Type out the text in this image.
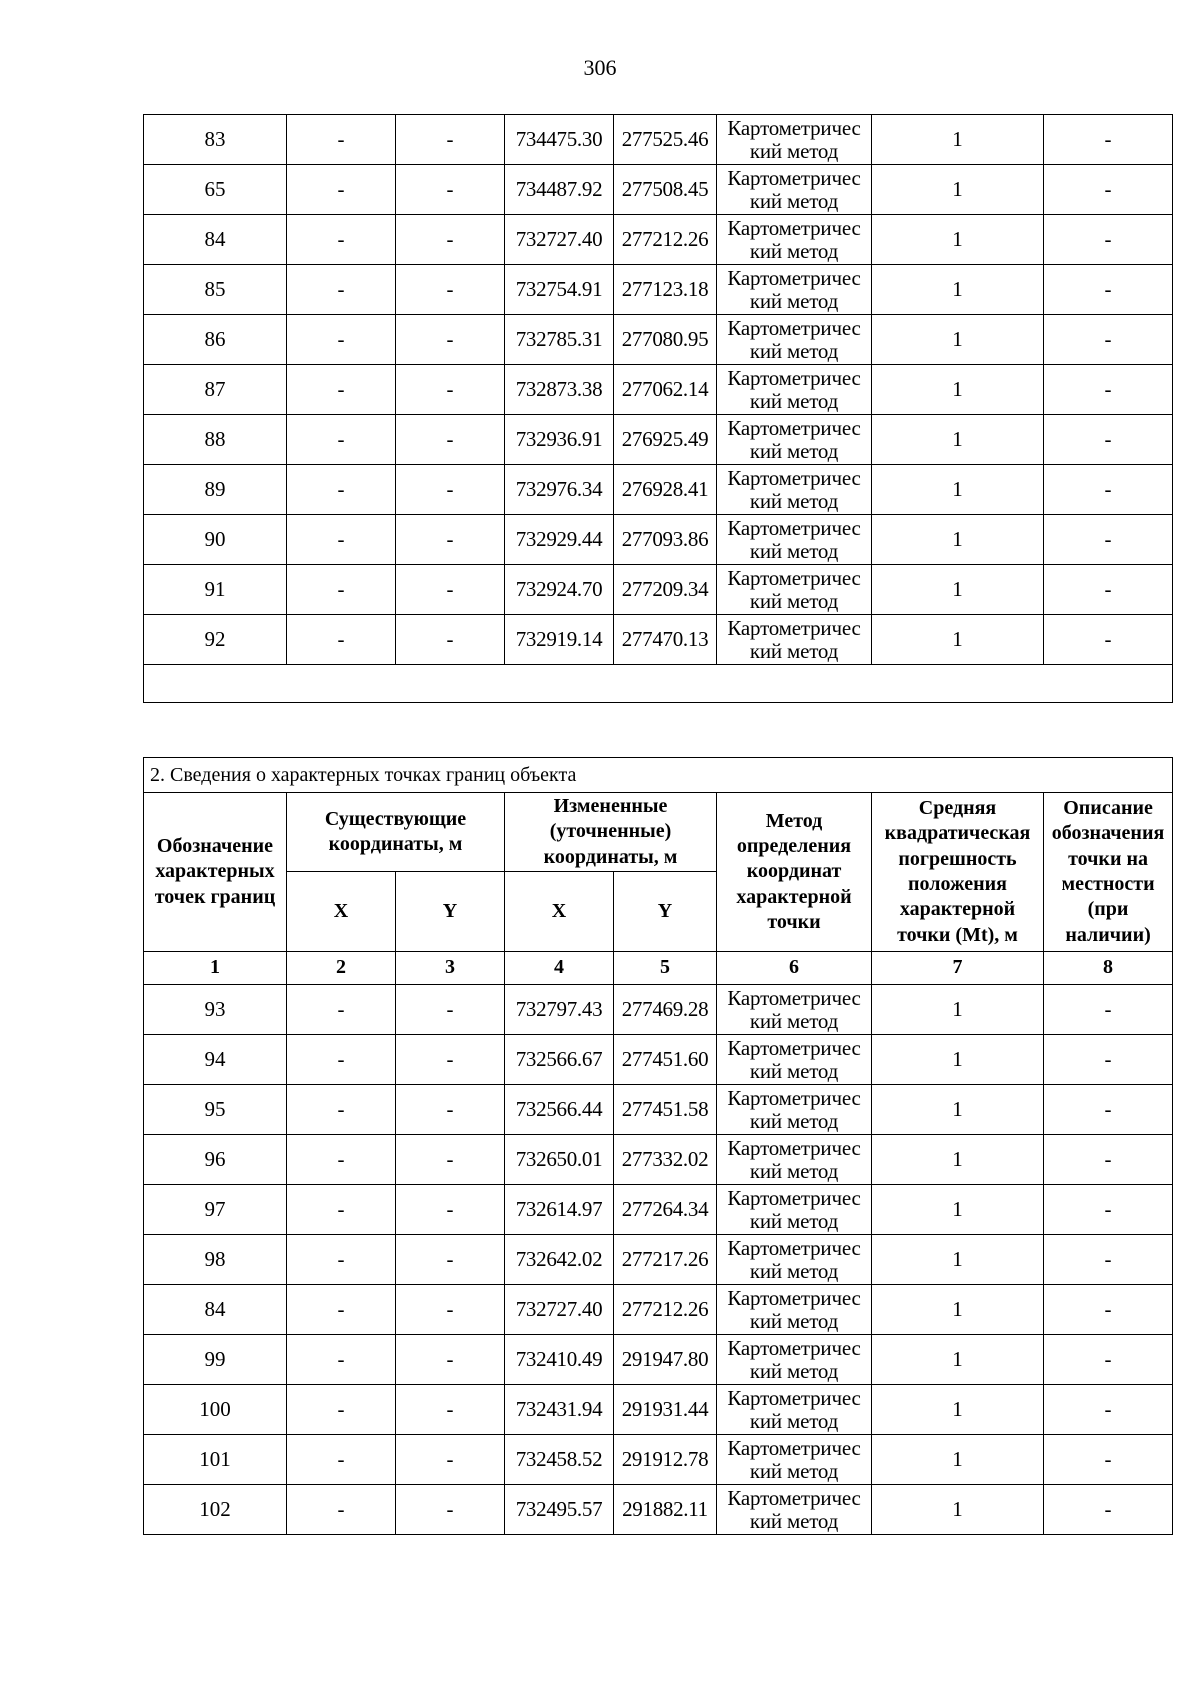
306
83	-	-	734475.30	277525.46	Картометричес кий метод	1	-
65	-	-	734487.92	277508.45	Картометричес кий метод	1	-
84	-	-	732727.40	277212.26	Картометричес кий метод	1	-
85	-	-	732754.91	277123.18	Картометричес кий метод	1	-
86	-	-	732785.31	277080.95	Картометричес кий метод	1	-
87	-	-	732873.38	277062.14	Картометричес кий метод	1	-
88	-	-	732936.91	276925.49	Картометричес кий метод	1	-
89	-	-	732976.34	276928.41	Картометричес кий метод	1	-
90	-	-	732929.44	277093.86	Картометричес кий метод	1	-
91	-	-	732924.70	277209.34	Картометричес кий метод	1	-
92	-	-	732919.14	277470.13	Картометричес кий метод	1	-

2. Сведения о характерных точках границ объекта							
Обозначение характерных точек границ	Существующие координаты, м		Измененные (уточненные) координаты, м		Метод определения координат характерной точки	Средняя квадратическая погрешность положения характерной точки (Mt), м	Описание обозначения точки на местности (при наличии)
	X	Y	X	Y			
1	2	3	4	5	6	7	8
93	-	-	732797.43	277469.28	Картометричес кий метод	1	-
94	-	-	732566.67	277451.60	Картометричес кий метод	1	-
95	-	-	732566.44	277451.58	Картометричес кий метод	1	-
96	-	-	732650.01	277332.02	Картометричес кий метод	1	-
97	-	-	732614.97	277264.34	Картометричес кий метод	1	-
98	-	-	732642.02	277217.26	Картометричес кий метод	1	-
84	-	-	732727.40	277212.26	Картометричес кий метод	1	-
99	-	-	732410.49	291947.80	Картометричес кий метод	1	-
100	-	-	732431.94	291931.44	Картометричес кий метод	1	-
101	-	-	732458.52	291912.78	Картометричес кий метод	1	-
102	-	-	732495.57	291882.11	Картометричес кий метод	1	-
